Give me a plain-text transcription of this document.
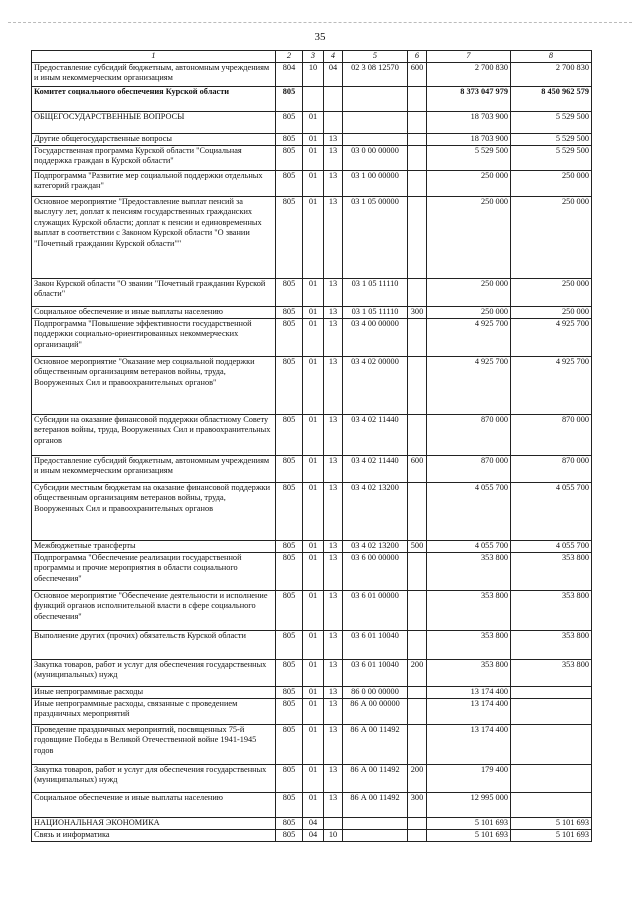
35
1	2	3	4	5	6	7	8
Предоставление субсидий бюджетным, автономным учреждениям и иным некоммерческим организациям	804	10	04	02 3 08 12570	600	2 700 830	2 700 830
Комитет социального обеспечения Курской области	805					8 373 047 979	8 450 962 579
ОБЩЕГОСУДАРСТВЕННЫЕ ВОПРОСЫ	805	01				18 703 900	5 529 500
Другие общегосударственные вопросы	805	01	13			18 703 900	5 529 500
Государственная программа Курской области "Социальная поддержка граждан в Курской области"	805	01	13	03 0 00 00000		5 529 500	5 529 500
Подпрограмма "Развитие мер социальной поддержки отдельных категорий граждан"	805	01	13	03 1 00 00000		250 000	250 000
Основное мероприятие "Предоставление выплат пенсий за выслугу лет, доплат к пенсиям государственных гражданских служащих Курской области; доплат к пенсии и единовременных выплат в соответствии с Законом Курской области "О звании "Почетный гражданин Курской области""	805	01	13	03 1 05 00000		250 000	250 000
Закон Курской области "О звании "Почетный гражданин Курской области"	805	01	13	03 1 05 11110		250 000	250 000
Социальное обеспечение и иные выплаты населению	805	01	13	03 1 05 11110	300	250 000	250 000
Подпрограмма "Повышение эффективности государственной поддержки социально-ориентированных некоммерческих организаций"	805	01	13	03 4 00 00000		4 925 700	4 925 700
Основное мероприятие "Оказание мер социальной поддержки общественным организациям ветеранов войны, труда, Вооруженных Сил и правоохранительных органов"	805	01	13	03 4 02 00000		4 925 700	4 925 700
Субсидии на оказание финансовой поддержки областному Совету ветеранов войны, труда, Вооруженных Сил и правоохранительных органов	805	01	13	03 4 02 11440		870 000	870 000
Предоставление субсидий бюджетным, автономным учреждениям и иным некоммерческим организациям	805	01	13	03 4 02 11440	600	870 000	870 000
Субсидии местным бюджетам на оказание финансовой поддержки общественным организациям ветеранов войны, труда, Вооруженных Сил и правоохранительных органов	805	01	13	03 4 02 13200		4 055 700	4 055 700
Межбюджетные трансферты	805	01	13	03 4 02 13200	500	4 055 700	4 055 700
Подпрограмма "Обеспечение реализации государственной программы и прочие мероприятия в области социального обеспечения"	805	01	13	03 6 00 00000		353 800	353 800
Основное мероприятие "Обеспечение деятельности и исполнение функций органов исполнительной власти в сфере социального обеспечения"	805	01	13	03 6 01 00000		353 800	353 800
Выполнение других (прочих) обязательств Курской области	805	01	13	03 6 01 10040		353 800	353 800
Закупка товаров, работ и услуг для обеспечения государственных (муниципальных) нужд	805	01	13	03 6 01 10040	200	353 800	353 800
Иные непрограммные расходы	805	01	13	86 0 00 00000		13 174 400	
Иные непрограммные расходы, связанные с проведением праздничных мероприятий	805	01	13	86 А 00 00000		13 174 400	
Проведение праздничных мероприятий, посвященных 75-й годовщине Победы в Великой Отечественной войне 1941-1945 годов	805	01	13	86 А 00 11492		13 174 400	
Закупка товаров, работ и услуг для обеспечения государственных (муниципальных) нужд	805	01	13	86 А 00 11492	200	179 400	
Социальное обеспечение и иные выплаты населению	805	01	13	86 А 00 11492	300	12 995 000	
НАЦИОНАЛЬНАЯ ЭКОНОМИКА	805	04				5 101 693	5 101 693
Связь и информатика	805	04	10			5 101 693	5 101 693
